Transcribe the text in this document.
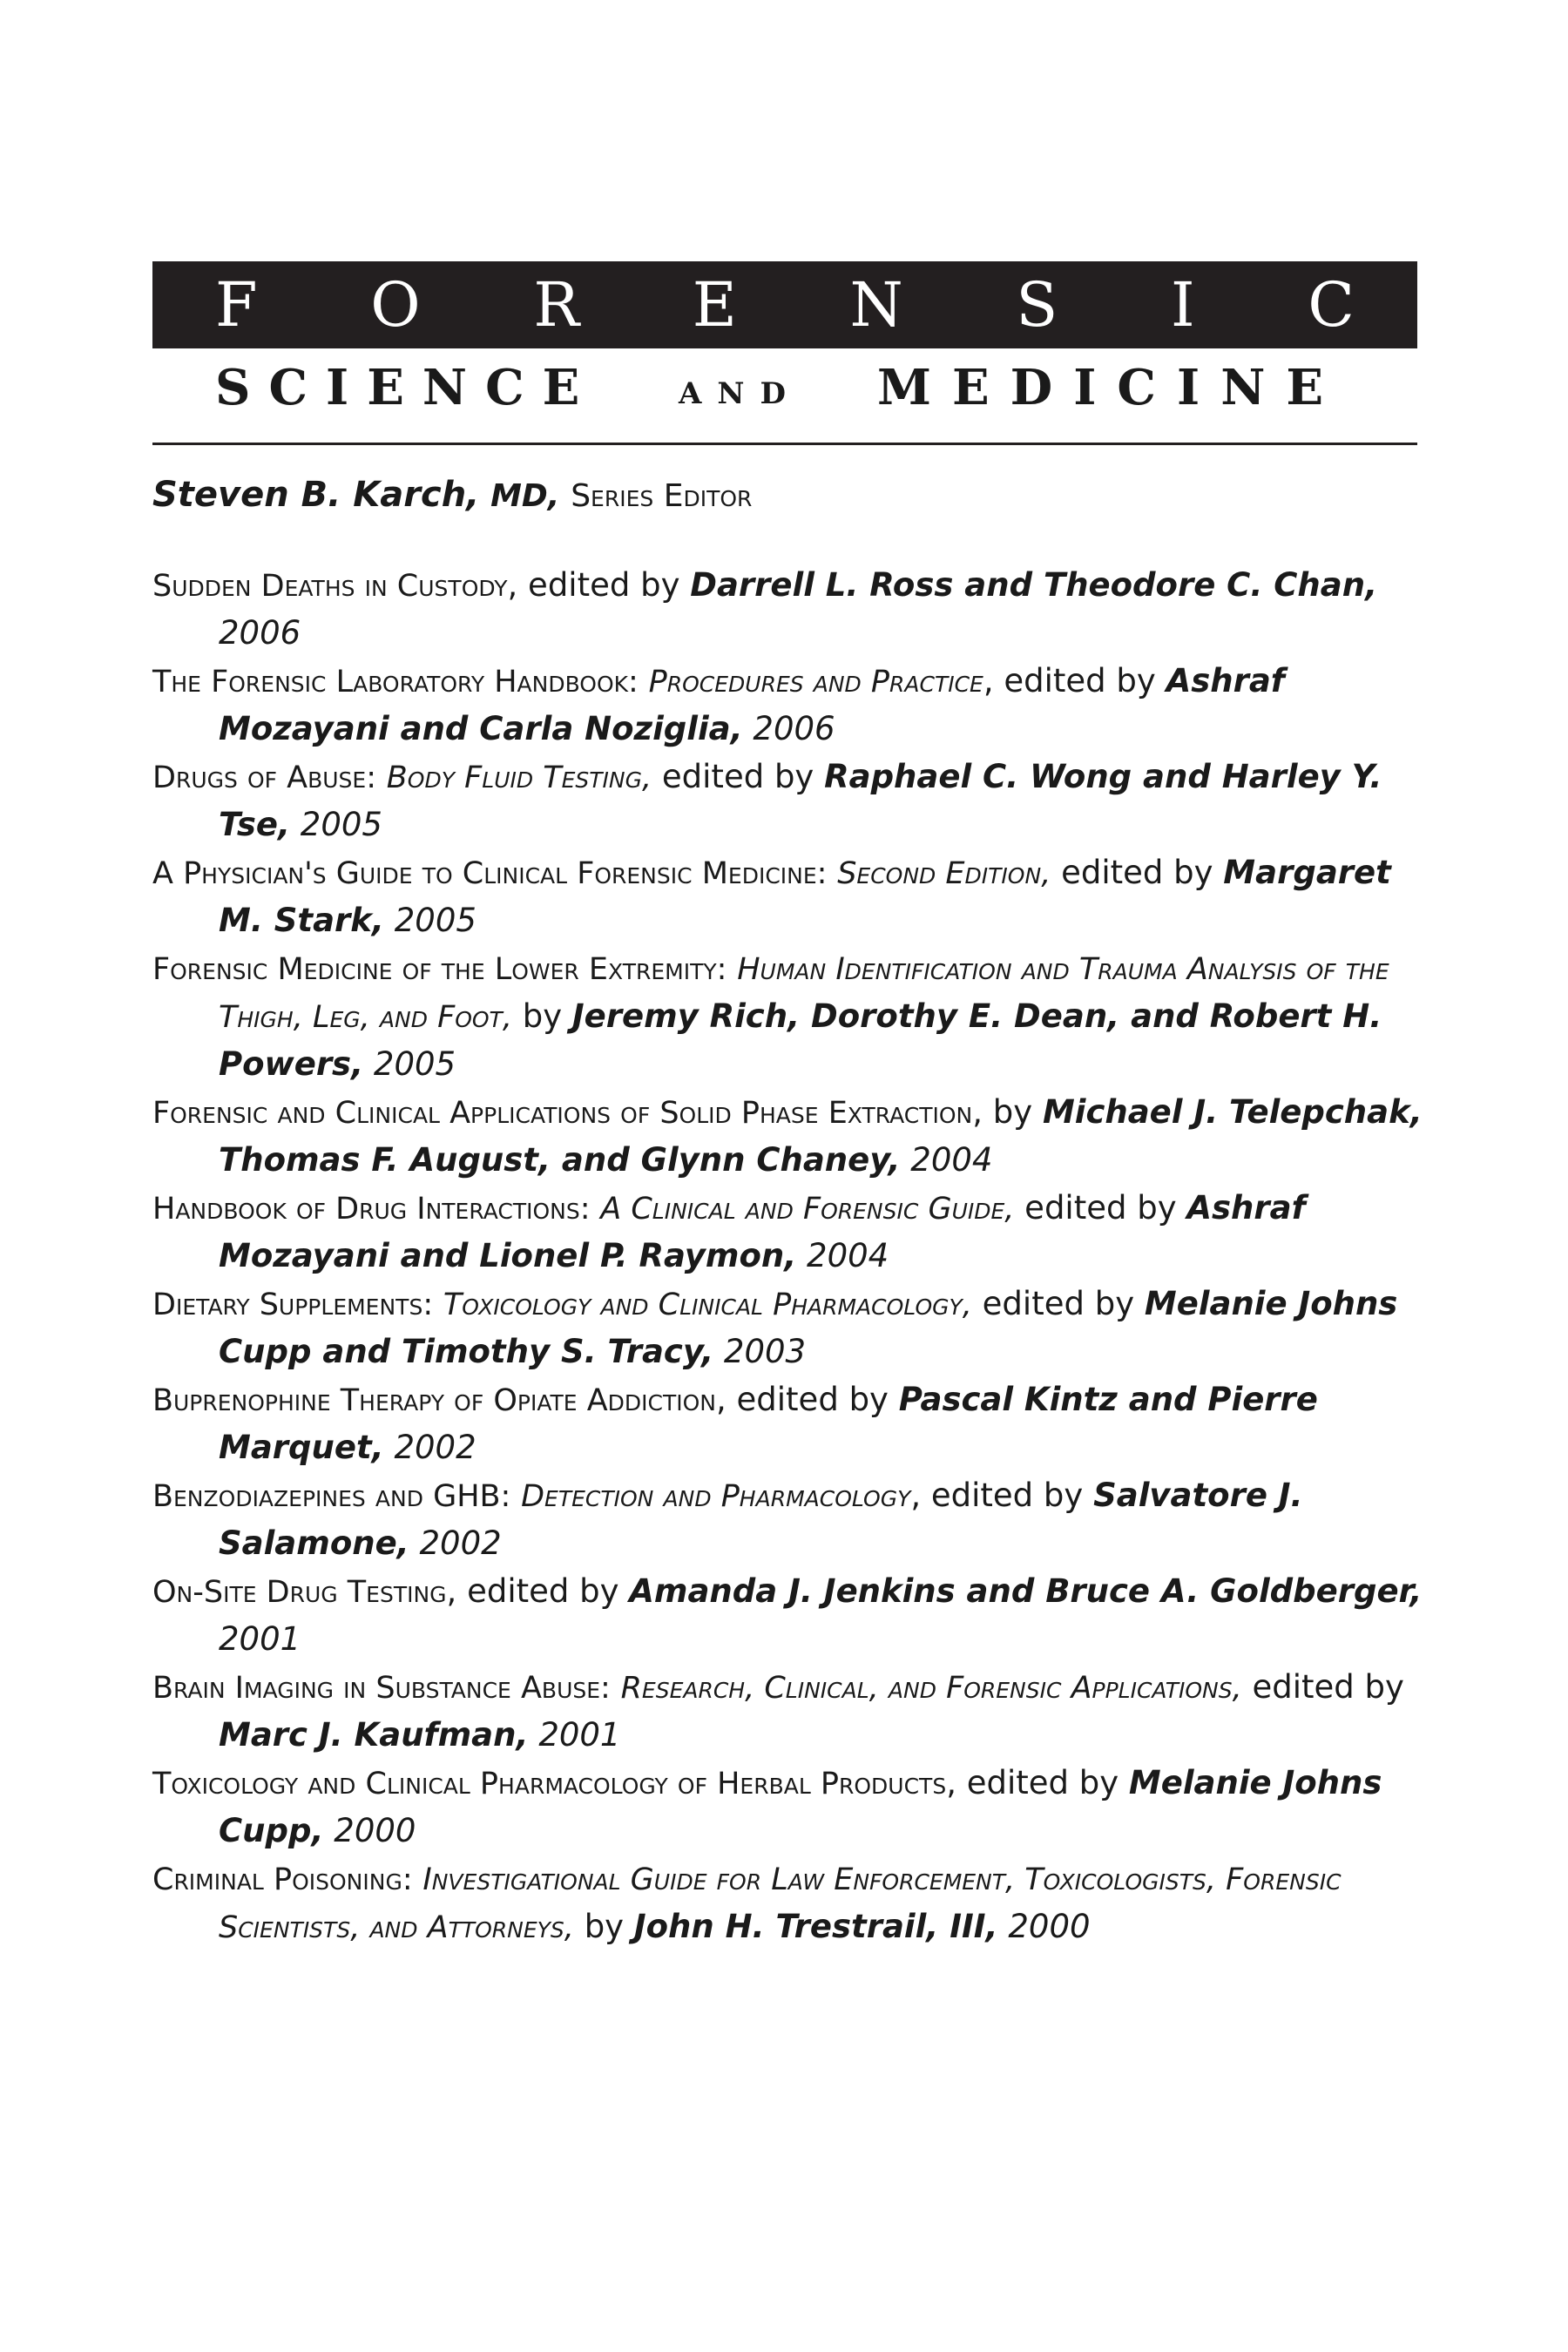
F O R E N S I C
SCIENCE	AND MEDICINE
Steven B. Karch, MD, Series Editor
Sudden Deaths in Custody, edited by Darrell L. Ross and Theodore C. Chan, 2006
The Forensic Laboratory Handbook: Procedures and Practice, edited by Ashraf Mozayani and Carla Noziglia, 2006
Drugs of Abuse: Body Fluid Testing, edited by Raphael C. Wong and Harley Y. Tse, 2005
A Physician's Guide to Clinical Forensic Medicine: Second Edition, edited by Margaret M. Stark, 2005
Forensic Medicine of the Lower Extremity: Human Identification and Trauma Analysis of the Thigh, Leg, and Foot, by Jeremy Rich, Dorothy E. Dean, and Robert H. Powers, 2005
Forensic and Clinical Applications of Solid Phase Extraction, by Michael J. Telepchak, Thomas F. August, and Glynn Chaney, 2004
Handbook of Drug Interactions: A Clinical and Forensic Guide, edited by Ashraf Mozayani and Lionel P. Raymon, 2004
Dietary Supplements: Toxicology and Clinical Pharmacology, edited by Melanie Johns Cupp and Timothy S. Tracy, 2003
Buprenophine Therapy of Opiate Addiction, edited by Pascal Kintz and Pierre Marquet, 2002
Benzodiazepines and GHB: Detection and Pharmacology, edited by Salvatore J. Salamone, 2002
On-Site Drug Testing, edited by Amanda J. Jenkins and Bruce A. Goldberger, 2001
Brain Imaging in Substance Abuse: Research, Clinical, and Forensic Applications, edited by Marc J. Kaufman, 2001
Toxicology and Clinical Pharmacology of Herbal Products, edited by Melanie Johns Cupp, 2000
Criminal Poisoning: Investigational Guide for Law Enforcement, Toxicologists, Forensic Scientists, and Attorneys, by John H. Trestrail, III, 2000
